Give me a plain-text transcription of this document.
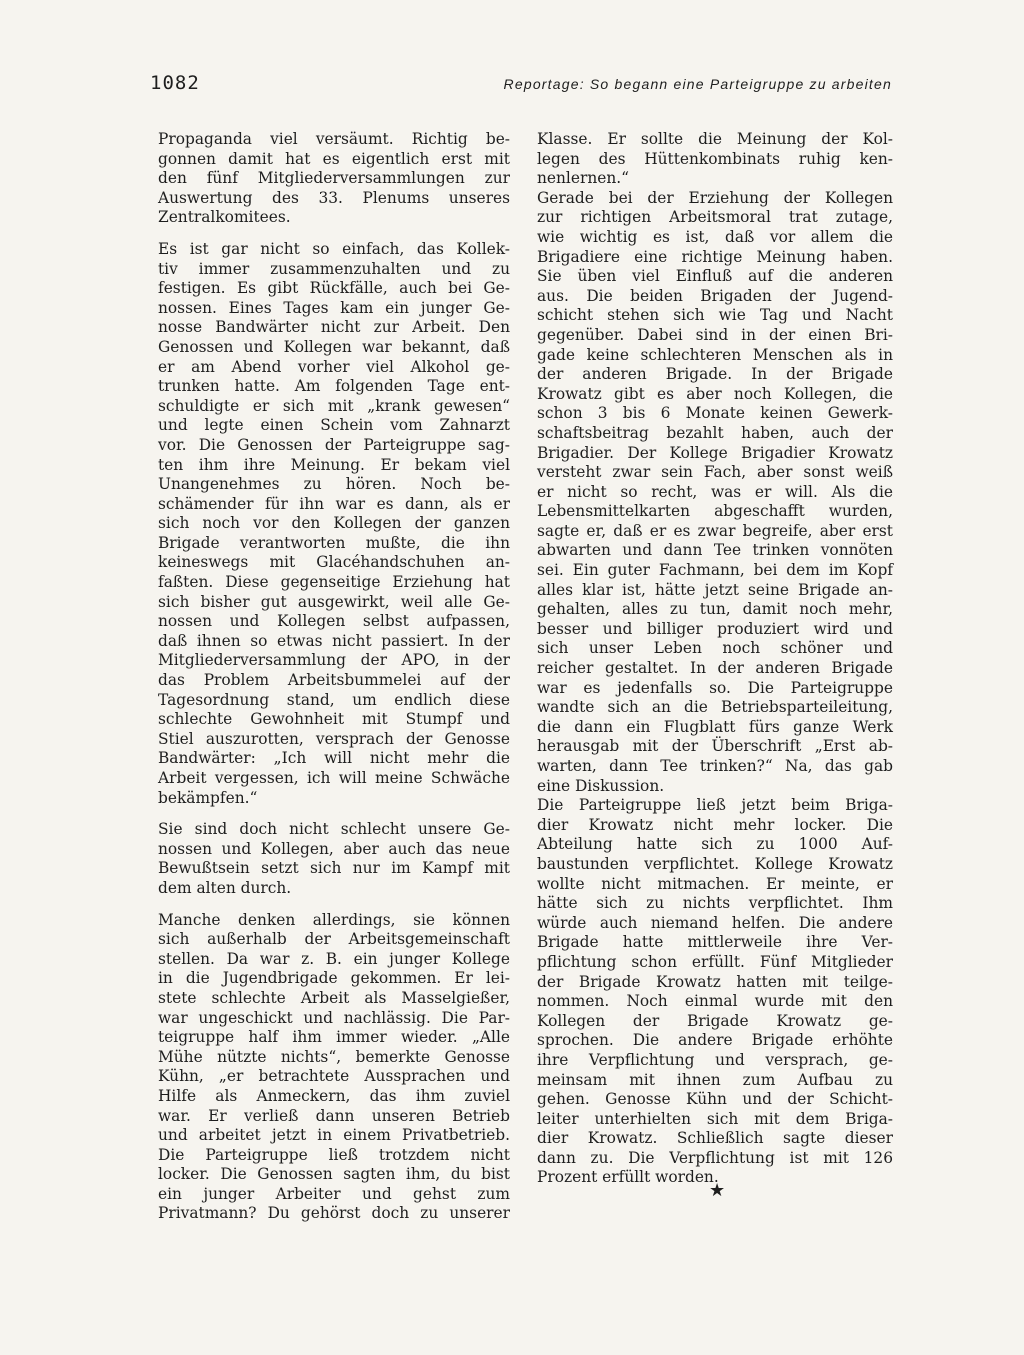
1082	Reportage: So begann eine Parteigruppe zu arbeiten

Propaganda viel versäumt. Richtig be-
gonnen damit hat es eigentlich erst mit
den fünf Mitgliederversammlungen zur
Auswertung des 33. Plenums unseres
Zentralkomitees.

Es ist gar nicht so einfach, das Kollek-
tiv immer zusammenzuhalten und zu
festigen. Es gibt Rückfälle, auch bei Ge-
nossen. Eines Tages kam ein junger Ge-
nosse Bandwärter nicht zur Arbeit. Den
Genossen und Kollegen war bekannt, daß
er am Abend vorher viel Alkohol ge-
trunken hatte. Am folgenden Tage ent-
schuldigte er sich mit „krank gewesen“
und legte einen Schein vom Zahnarzt
vor. Die Genossen der Parteigruppe sag-
ten ihm ihre Meinung. Er bekam viel
Unangenehmes zu hören. Noch be-
schämender für ihn war es dann, als er
sich noch vor den Kollegen der ganzen
Brigade verantworten mußte, die ihn
keineswegs mit Glacéhandschuhen an-
faßten. Diese gegenseitige Erziehung hat
sich bisher gut ausgewirkt, weil alle Ge-
nossen und Kollegen selbst aufpassen,
daß ihnen so etwas nicht passiert. In der
Mitgliederversammlung der APO, in der
das Problem Arbeitsbummelei auf der
Tagesordnung stand, um endlich diese
schlechte Gewohnheit mit Stumpf und
Stiel auszurotten, versprach der Genosse
Bandwärter: „Ich will nicht mehr die
Arbeit vergessen, ich will meine Schwäche
bekämpfen.“

Sie sind doch nicht schlecht unsere Ge-
nossen und Kollegen, aber auch das neue
Bewußtsein setzt sich nur im Kampf mit
dem alten durch.

Manche denken allerdings, sie können
sich außerhalb der Arbeitsgemeinschaft
stellen. Da war z. B. ein junger Kollege
in die Jugendbrigade gekommen. Er lei-
stete schlechte Arbeit als Masselgießer,
war ungeschickt und nachlässig. Die Par-
teigruppe half ihm immer wieder. „Alle
Mühe nützte nichts“, bemerkte Genosse
Kühn, „er betrachtete Aussprachen und
Hilfe als Anmeckern, das ihm zuviel
war. Er verließ dann unseren Betrieb
und arbeitet jetzt in einem Privatbetrieb.
Die Parteigruppe ließ trotzdem nicht
locker. Die Genossen sagten ihm, du bist
ein junger Arbeiter und gehst zum
Privatmann? Du gehörst doch zu unserer

Klasse. Er sollte die Meinung der Kol-
legen des Hüttenkombinats ruhig ken-
nenlernen.“

Gerade bei der Erziehung der Kollegen
zur richtigen Arbeitsmoral trat zutage,
wie wichtig es ist, daß vor allem die
Brigadiere eine richtige Meinung haben.
Sie üben viel Einfluß auf die anderen
aus. Die beiden Brigaden der Jugend-
schicht stehen sich wie Tag und Nacht
gegenüber. Dabei sind in der einen Bri-
gade keine schlechteren Menschen als in
der anderen Brigade. In der Brigade
Krowatz gibt es aber noch Kollegen, die
schon 3 bis 6 Monate keinen Gewerk-
schaftsbeitrag bezahlt haben, auch der
Brigadier. Der Kollege Brigadier Krowatz
versteht zwar sein Fach, aber sonst weiß
er nicht so recht, was er will. Als die
Lebensmittelkarten abgeschafft wurden,
sagte er, daß er es zwar begreife, aber erst
abwarten und dann Tee trinken vonnöten
sei. Ein guter Fachmann, bei dem im Kopf
alles klar ist, hätte jetzt seine Brigade an-
gehalten, alles zu tun, damit noch mehr,
besser und billiger produziert wird und
sich unser Leben noch schöner und
reicher gestaltet. In der anderen Brigade
war es jedenfalls so. Die Parteigruppe
wandte sich an die Betriebsparteileitung,
die dann ein Flugblatt fürs ganze Werk
herausgab mit der Überschrift „Erst ab-
warten, dann Tee trinken?“ Na, das gab
eine Diskussion.

Die Parteigruppe ließ jetzt beim Briga-
dier Krowatz nicht mehr locker. Die
Abteilung hatte sich zu 1000 Auf-
baustunden verpflichtet. Kollege Krowatz
wollte nicht mitmachen. Er meinte, er
hätte sich zu nichts verpflichtet. Ihm
würde auch niemand helfen. Die andere
Brigade hatte mittlerweile ihre Ver-
pflichtung schon erfüllt. Fünf Mitglieder
der Brigade Krowatz hatten mit teilge-
nommen. Noch einmal wurde mit den
Kollegen der Brigade Krowatz ge-
sprochen. Die andere Brigade erhöhte
ihre Verpflichtung und versprach, ge-
meinsam mit ihnen zum Aufbau zu
gehen. Genosse Kühn und der Schicht-
leiter unterhielten sich mit dem Briga-
dier Krowatz. Schließlich sagte dieser
dann zu. Die Verpflichtung ist mit 126
Prozent erfüllt worden.

★
